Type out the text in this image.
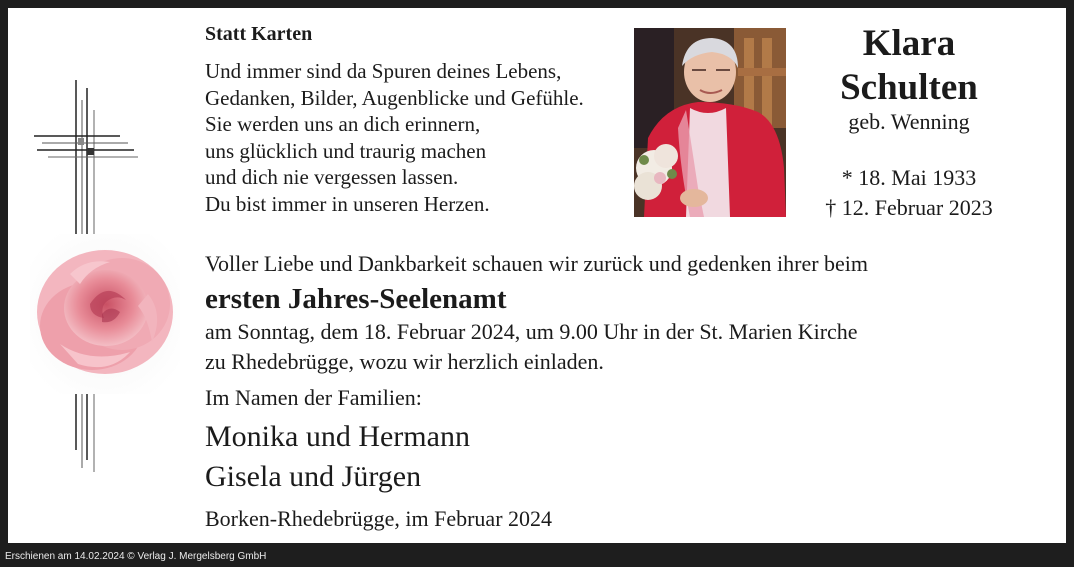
Statt Karten
Und immer sind da Spuren deines Lebens,
Gedanken, Bilder, Augenblicke und Gefühle.
Sie werden uns an dich erinnern,
uns glücklich und traurig machen
und dich nie vergessen lassen.
Du bist immer in unseren Herzen.
Klara
Schulten
geb. Wenning
* 18. Mai 1933
† 12. Februar 2023
Voller Liebe und Dankbarkeit schauen wir zurück und gedenken ihrer beim
ersten Jahres-Seelenamt
am Sonntag, dem 18. Februar 2024, um 9.00 Uhr in der St. Marien Kirche
zu Rhedebrügge, wozu wir herzlich einladen.
Im Namen der Familien:
Monika und Hermann
Gisela und Jürgen
Borken-Rhedebrügge, im Februar 2024
Erschienen am 14.02.2024 © Verlag J. Mergelsberg GmbH
